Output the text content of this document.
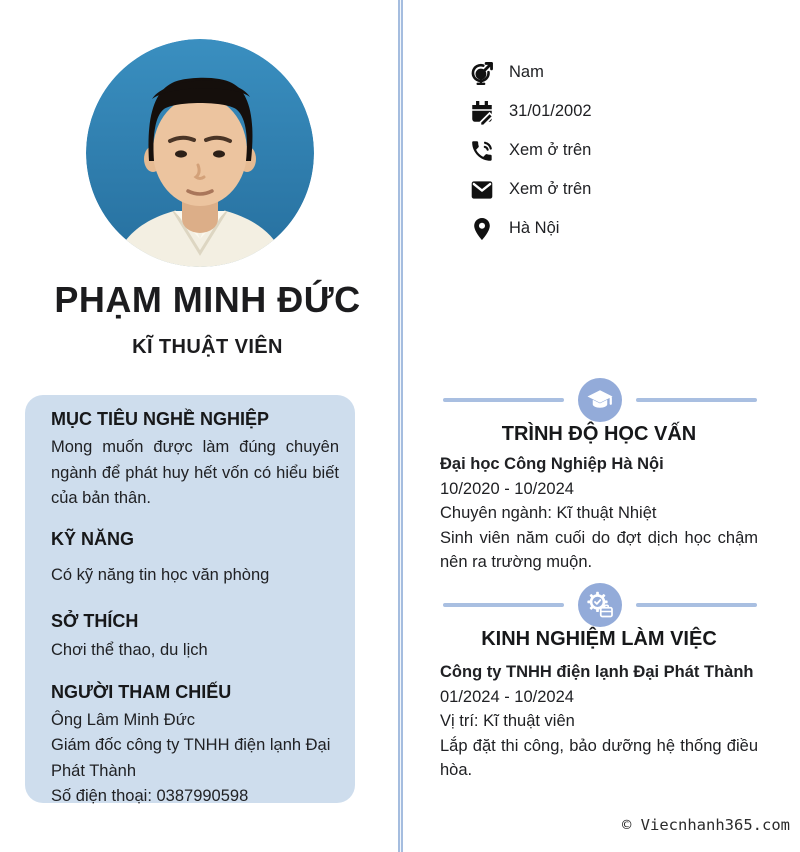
PHẠM MINH ĐỨC
KĨ THUẬT VIÊN
Nam
31/01/2002
Xem ở trên
Xem ở trên
Hà Nội
MỤC TIÊU NGHỀ NGHIỆP

Mong muốn được làm đúng chuyên ngành để phát huy hết vốn có hiểu biết của bản thân.

KỸ NĂNG

Có kỹ năng tin học văn phòng

SỞ THÍCH

Chơi thể thao, du lịch

NGƯỜI THAM CHIẾU

Ông Lâm Minh Đức

Giám đốc công ty TNHH điện lạnh Đại Phát Thành

Số điện thoại: 0387990598

TRÌNH ĐỘ HỌC VẤN

Đại học Công Nghiệp Hà Nội

10/2020 - 10/2024

Chuyên ngành: Kĩ thuật Nhiệt

Sinh viên năm cuối do đợt dịch học chậm nên ra trường muộn.

KINH NGHIỆM LÀM VIỆC

Công ty TNHH điện lạnh Đại Phát Thành

01/2024 - 10/2024

Vị trí: Kĩ thuật viên

Lắp đặt thi công, bảo dưỡng hệ thống điều hòa.

© Viecnhanh365.com
